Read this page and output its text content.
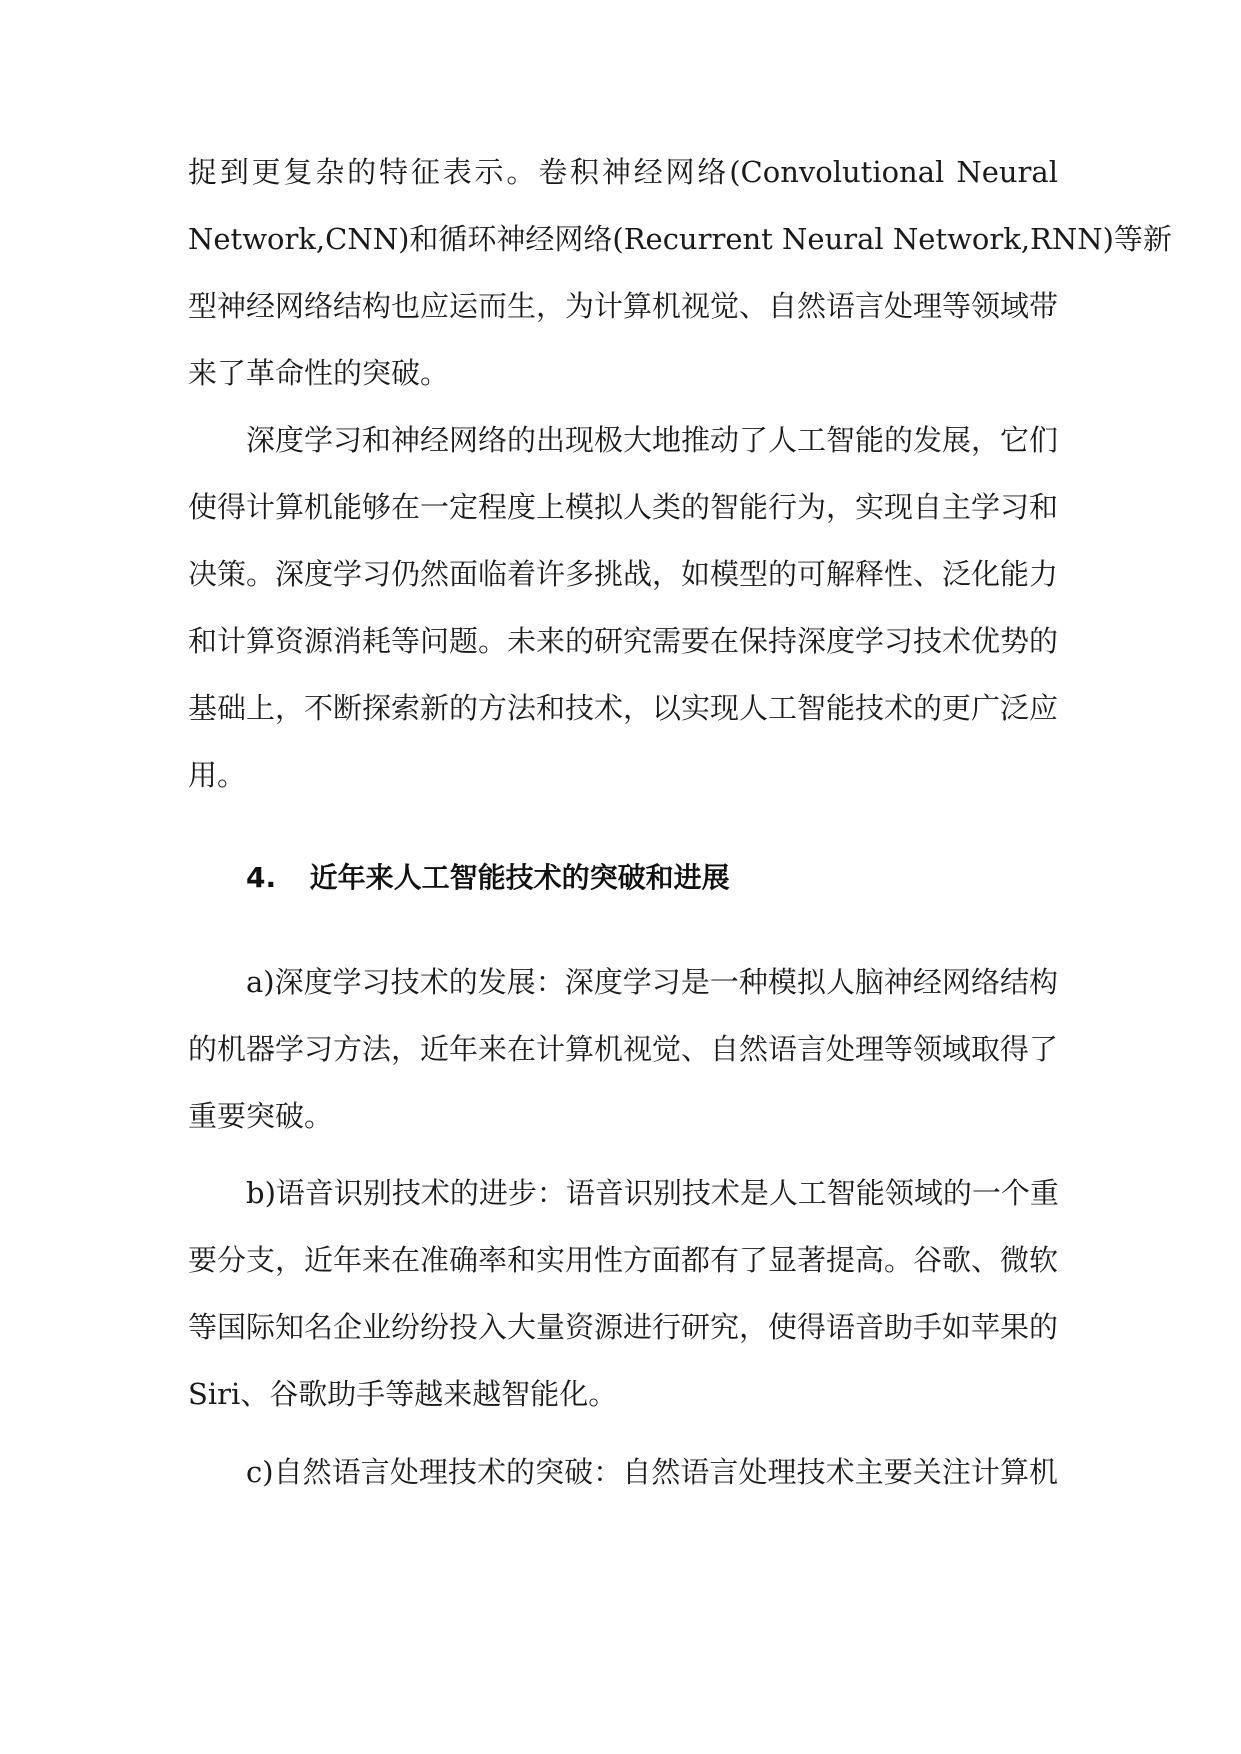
捉到更复杂的特征表示。卷积神经网络(Convolutional Neural

Network,CNN)和循环神经网络(Recurrent Neural Network,RNN)等新

型神经网络结构也应运而生，为计算机视觉、自然语言处理等领域带

来了革命性的突破。

深度学习和神经网络的出现极大地推动了人工智能的发展，它们

使得计算机能够在一定程度上模拟人类的智能行为，实现自主学习和

决策。深度学习仍然面临着许多挑战，如模型的可解释性、泛化能力

和计算资源消耗等问题。未来的研究需要在保持深度学习技术优势的

基础上，不断探索新的方法和技术，以实现人工智能技术的更广泛应

用。

4. 近年来人工智能技术的突破和进展

a)深度学习技术的发展：深度学习是一种模拟人脑神经网络结构

的机器学习方法，近年来在计算机视觉、自然语言处理等领域取得了

重要突破。

b)语音识别技术的进步：语音识别技术是人工智能领域的一个重

要分支，近年来在准确率和实用性方面都有了显著提高。谷歌、微软

等国际知名企业纷纷投入大量资源进行研究，使得语音助手如苹果的

Siri、谷歌助手等越来越智能化。

c)自然语言处理技术的突破：自然语言处理技术主要关注计算机
